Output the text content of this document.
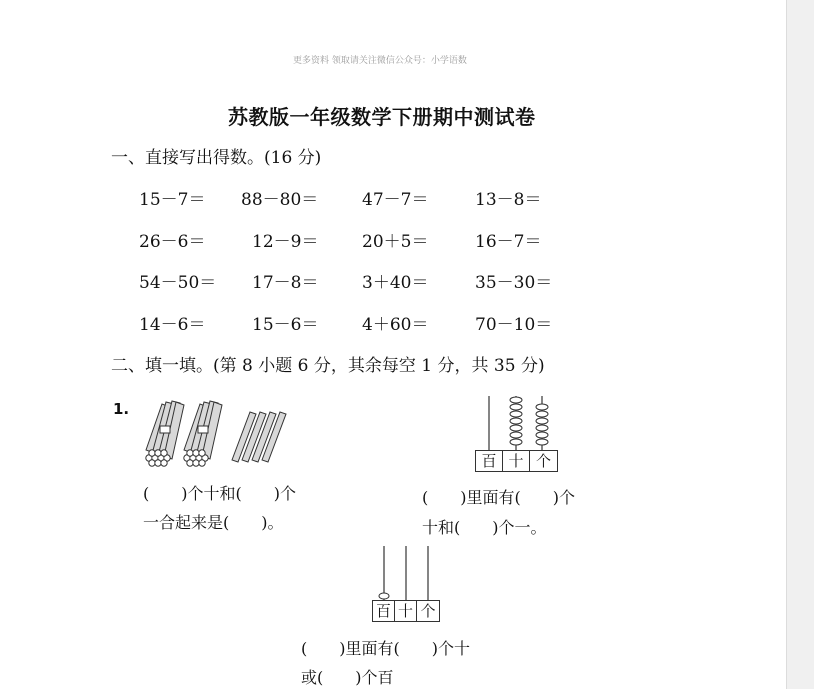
更多资料 领取请关注微信公众号：小学语数
苏教版一年级数学下册期中测试卷
一、直接写出得数。(16 分)
15－7＝ 88－80＝	47－7＝	13－8＝
26－6＝	12－9＝	20＋5＝	16－7＝
54－50＝ 17－8＝	3＋40＝	35－30＝
14－6＝	15－6＝	4＋60＝	70－10＝
二、填一填。(第 8 小题 6 分，其余每空 1 分，共 35 分)
1.
(　　)个十和(　　)个
一合起来是(　　)。
百 十 个
(　　)里面有(　　)个
十和(　　)个一。
百 十 个
(　　)里面有(　　)个十
或(　　)个百
